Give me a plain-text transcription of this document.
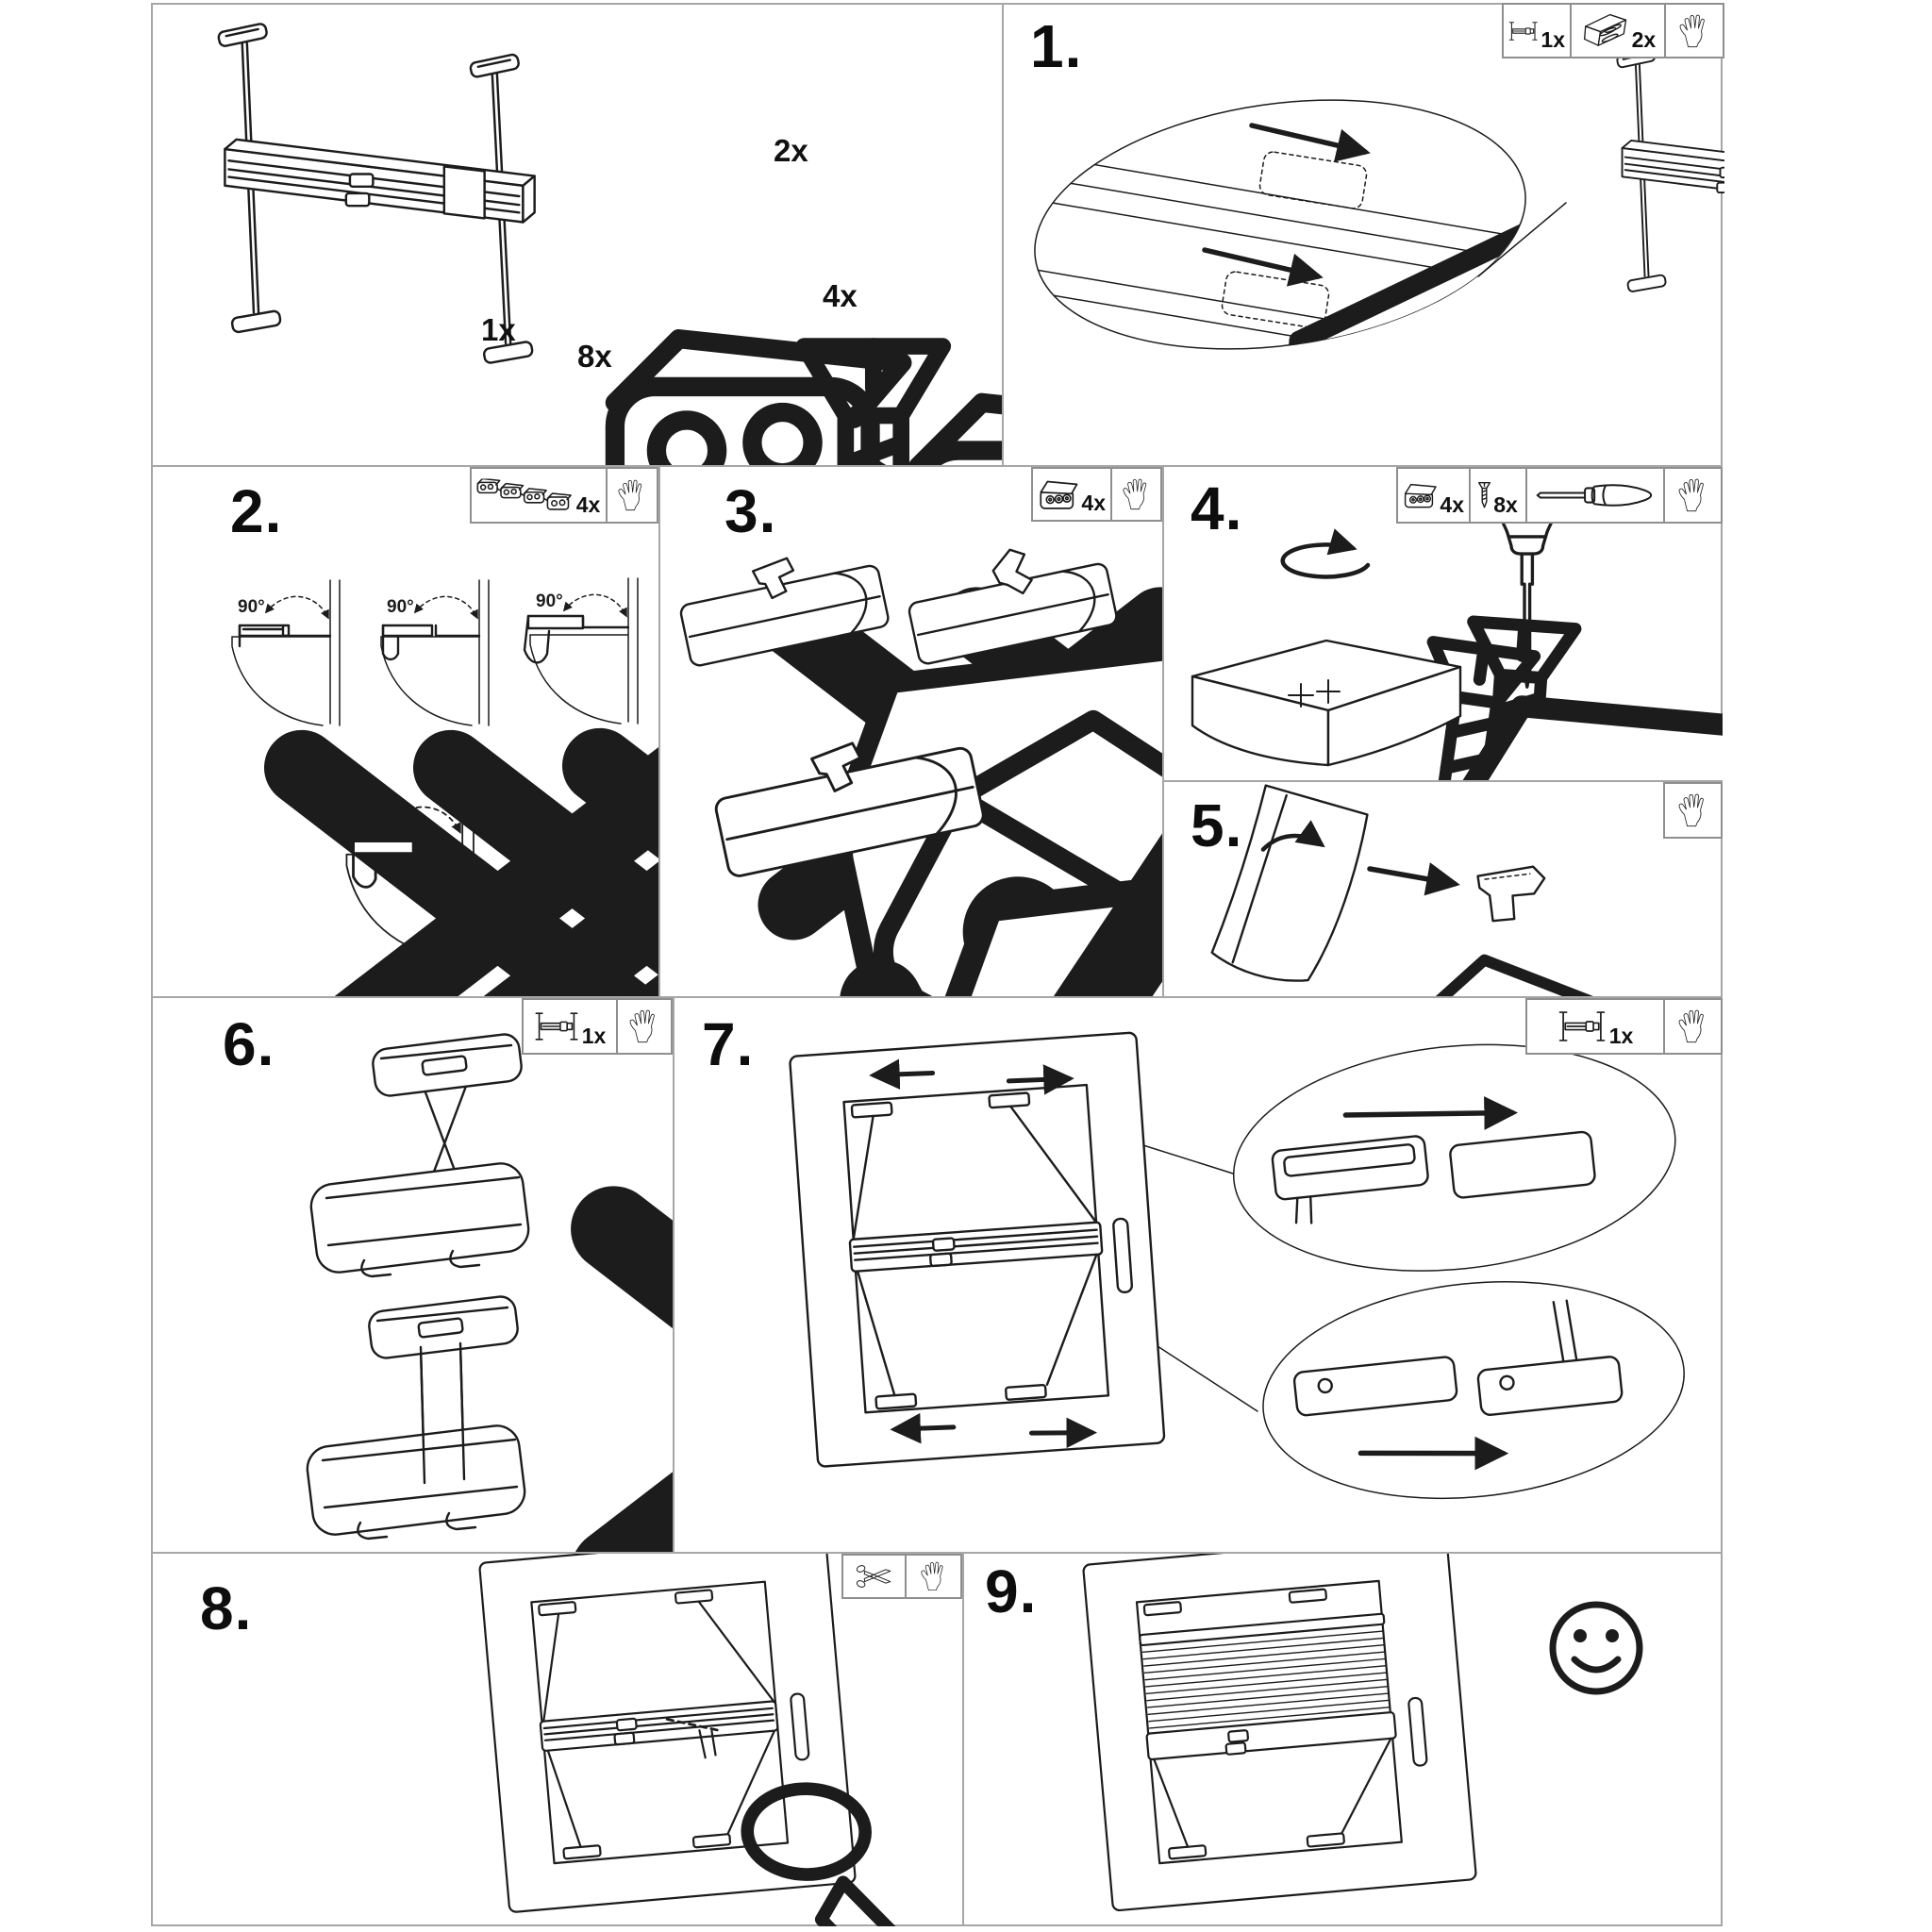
1x
2x
4x
8x
1.	1x	2x
90°	90°	90°
90°
2.	4x 3.	4x 4.	4x 8x
5.
6.	1x 7.	1x
8.	9.
